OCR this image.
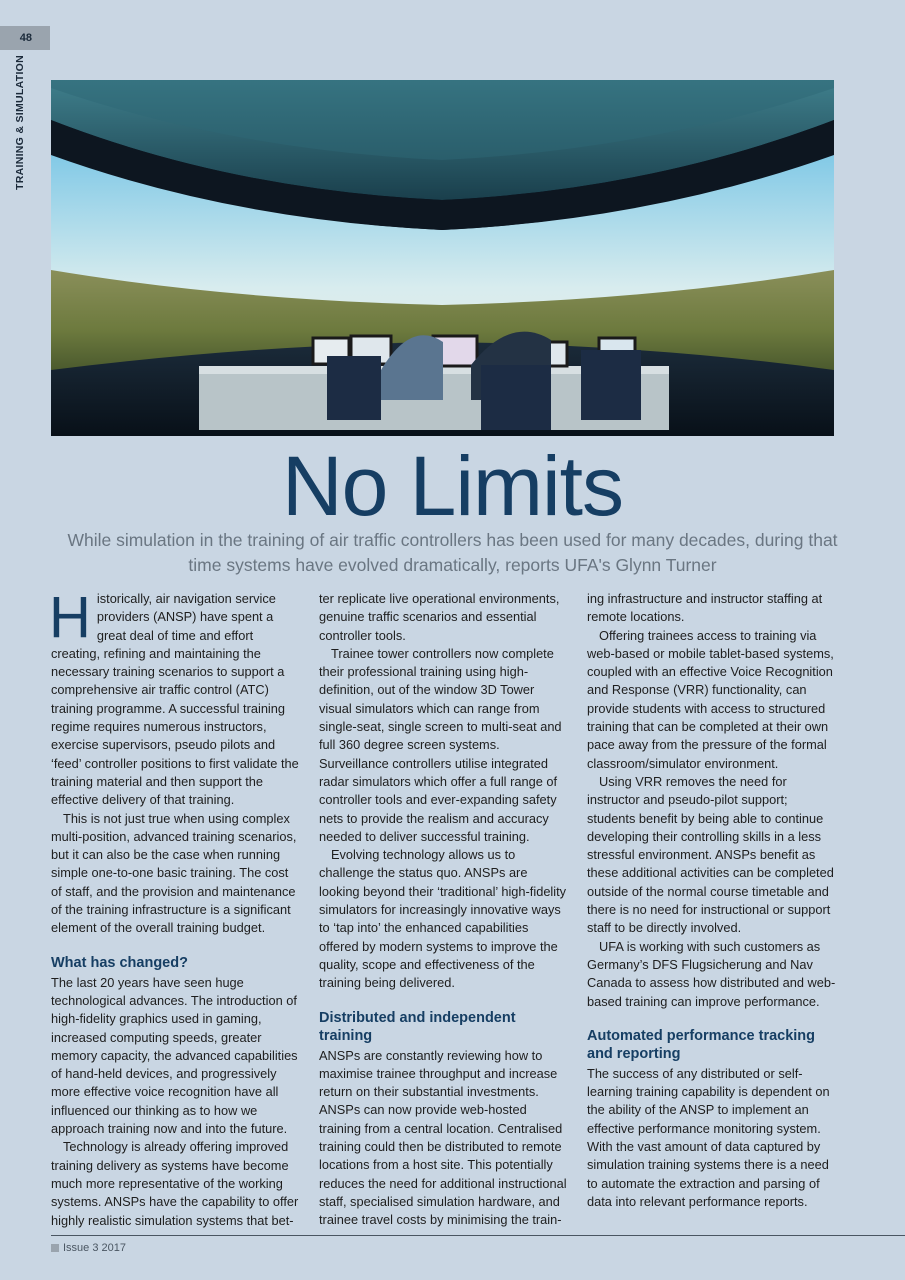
48
TRAINING & SIMULATION
No Limits
While simulation in the training of air traffic controllers has been used for many decades, during that time systems have evolved dramatically, reports UFA's Glynn Turner

Historically, air navigation service providers (ANSP) have spent a great deal of time and effort creating, refining and maintaining the necessary training scenarios to support a comprehensive air traffic control (ATC) training programme. A successful training regime requires numerous instructors, exercise supervisors, pseudo pilots and ‘feed’ controller positions to first validate the training material and then support the effective delivery of that training.

This is not just true when using complex multi-position, advanced training scenarios, but it can also be the case when running simple one-to-one basic training. The cost of staff, and the provision and maintenance of the training infrastructure is a significant element of the overall training budget.

What has changed?

The last 20 years have seen huge technological advances. The introduction of high-fidelity graphics used in gaming, increased computing speeds, greater memory capacity, the advanced capabilities of hand-held devices, and progressively more effective voice recognition have all influenced our thinking as to how we approach training now and into the future.

Technology is already offering improved training delivery as systems have become much more representative of the working systems. ANSPs have the capability to offer highly realistic simulation systems that bet-

ter replicate live operational environments, genuine traffic scenarios and essential controller tools.

Trainee tower controllers now complete their professional training using high-definition, out of the window 3D Tower visual simulators which can range from single-seat, single screen to multi-seat and full 360 degree screen systems. Surveillance controllers utilise integrated radar simulators which offer a full range of controller tools and ever-expanding safety nets to provide the realism and accuracy needed to deliver successful training.

Evolving technology allows us to challenge the status quo. ANSPs are looking beyond their ‘traditional’ high-fidelity simulators for increasingly innovative ways to ‘tap into’ the enhanced capabilities offered by modern systems to improve the quality, scope and effectiveness of the training being delivered.

Distributed and independent training

ANSPs are constantly reviewing how to maximise trainee throughput and increase return on their substantial investments. ANSPs can now provide web-hosted training from a central location. Centralised training could then be distributed to remote locations from a host site. This potentially reduces the need for additional instructional staff, specialised simulation hardware, and trainee travel costs by minimising the train-

ing infrastructure and instructor staffing at remote locations.

Offering trainees access to training via web-based or mobile tablet-based systems, coupled with an effective Voice Recognition and Response (VRR) functionality, can provide students with access to structured training that can be completed at their own pace away from the pressure of the formal classroom/simulator environment.

Using VRR removes the need for instructor and pseudo-pilot support; students benefit by being able to continue developing their controlling skills in a less stressful environment. ANSPs benefit as these additional activities can be completed outside of the normal course timetable and there is no need for instructional or support staff to be directly involved.

UFA is working with such customers as Germany’s DFS Flugsicherung and Nav Canada to assess how distributed and web-based training can improve performance.

Automated performance tracking and reporting

The success of any distributed or self-learning training capability is dependent on the ability of the ANSP to implement an effective performance monitoring system. With the vast amount of data captured by simulation training systems there is a need to automate the extraction and parsing of data into relevant performance reports.

Issue 3 2017
